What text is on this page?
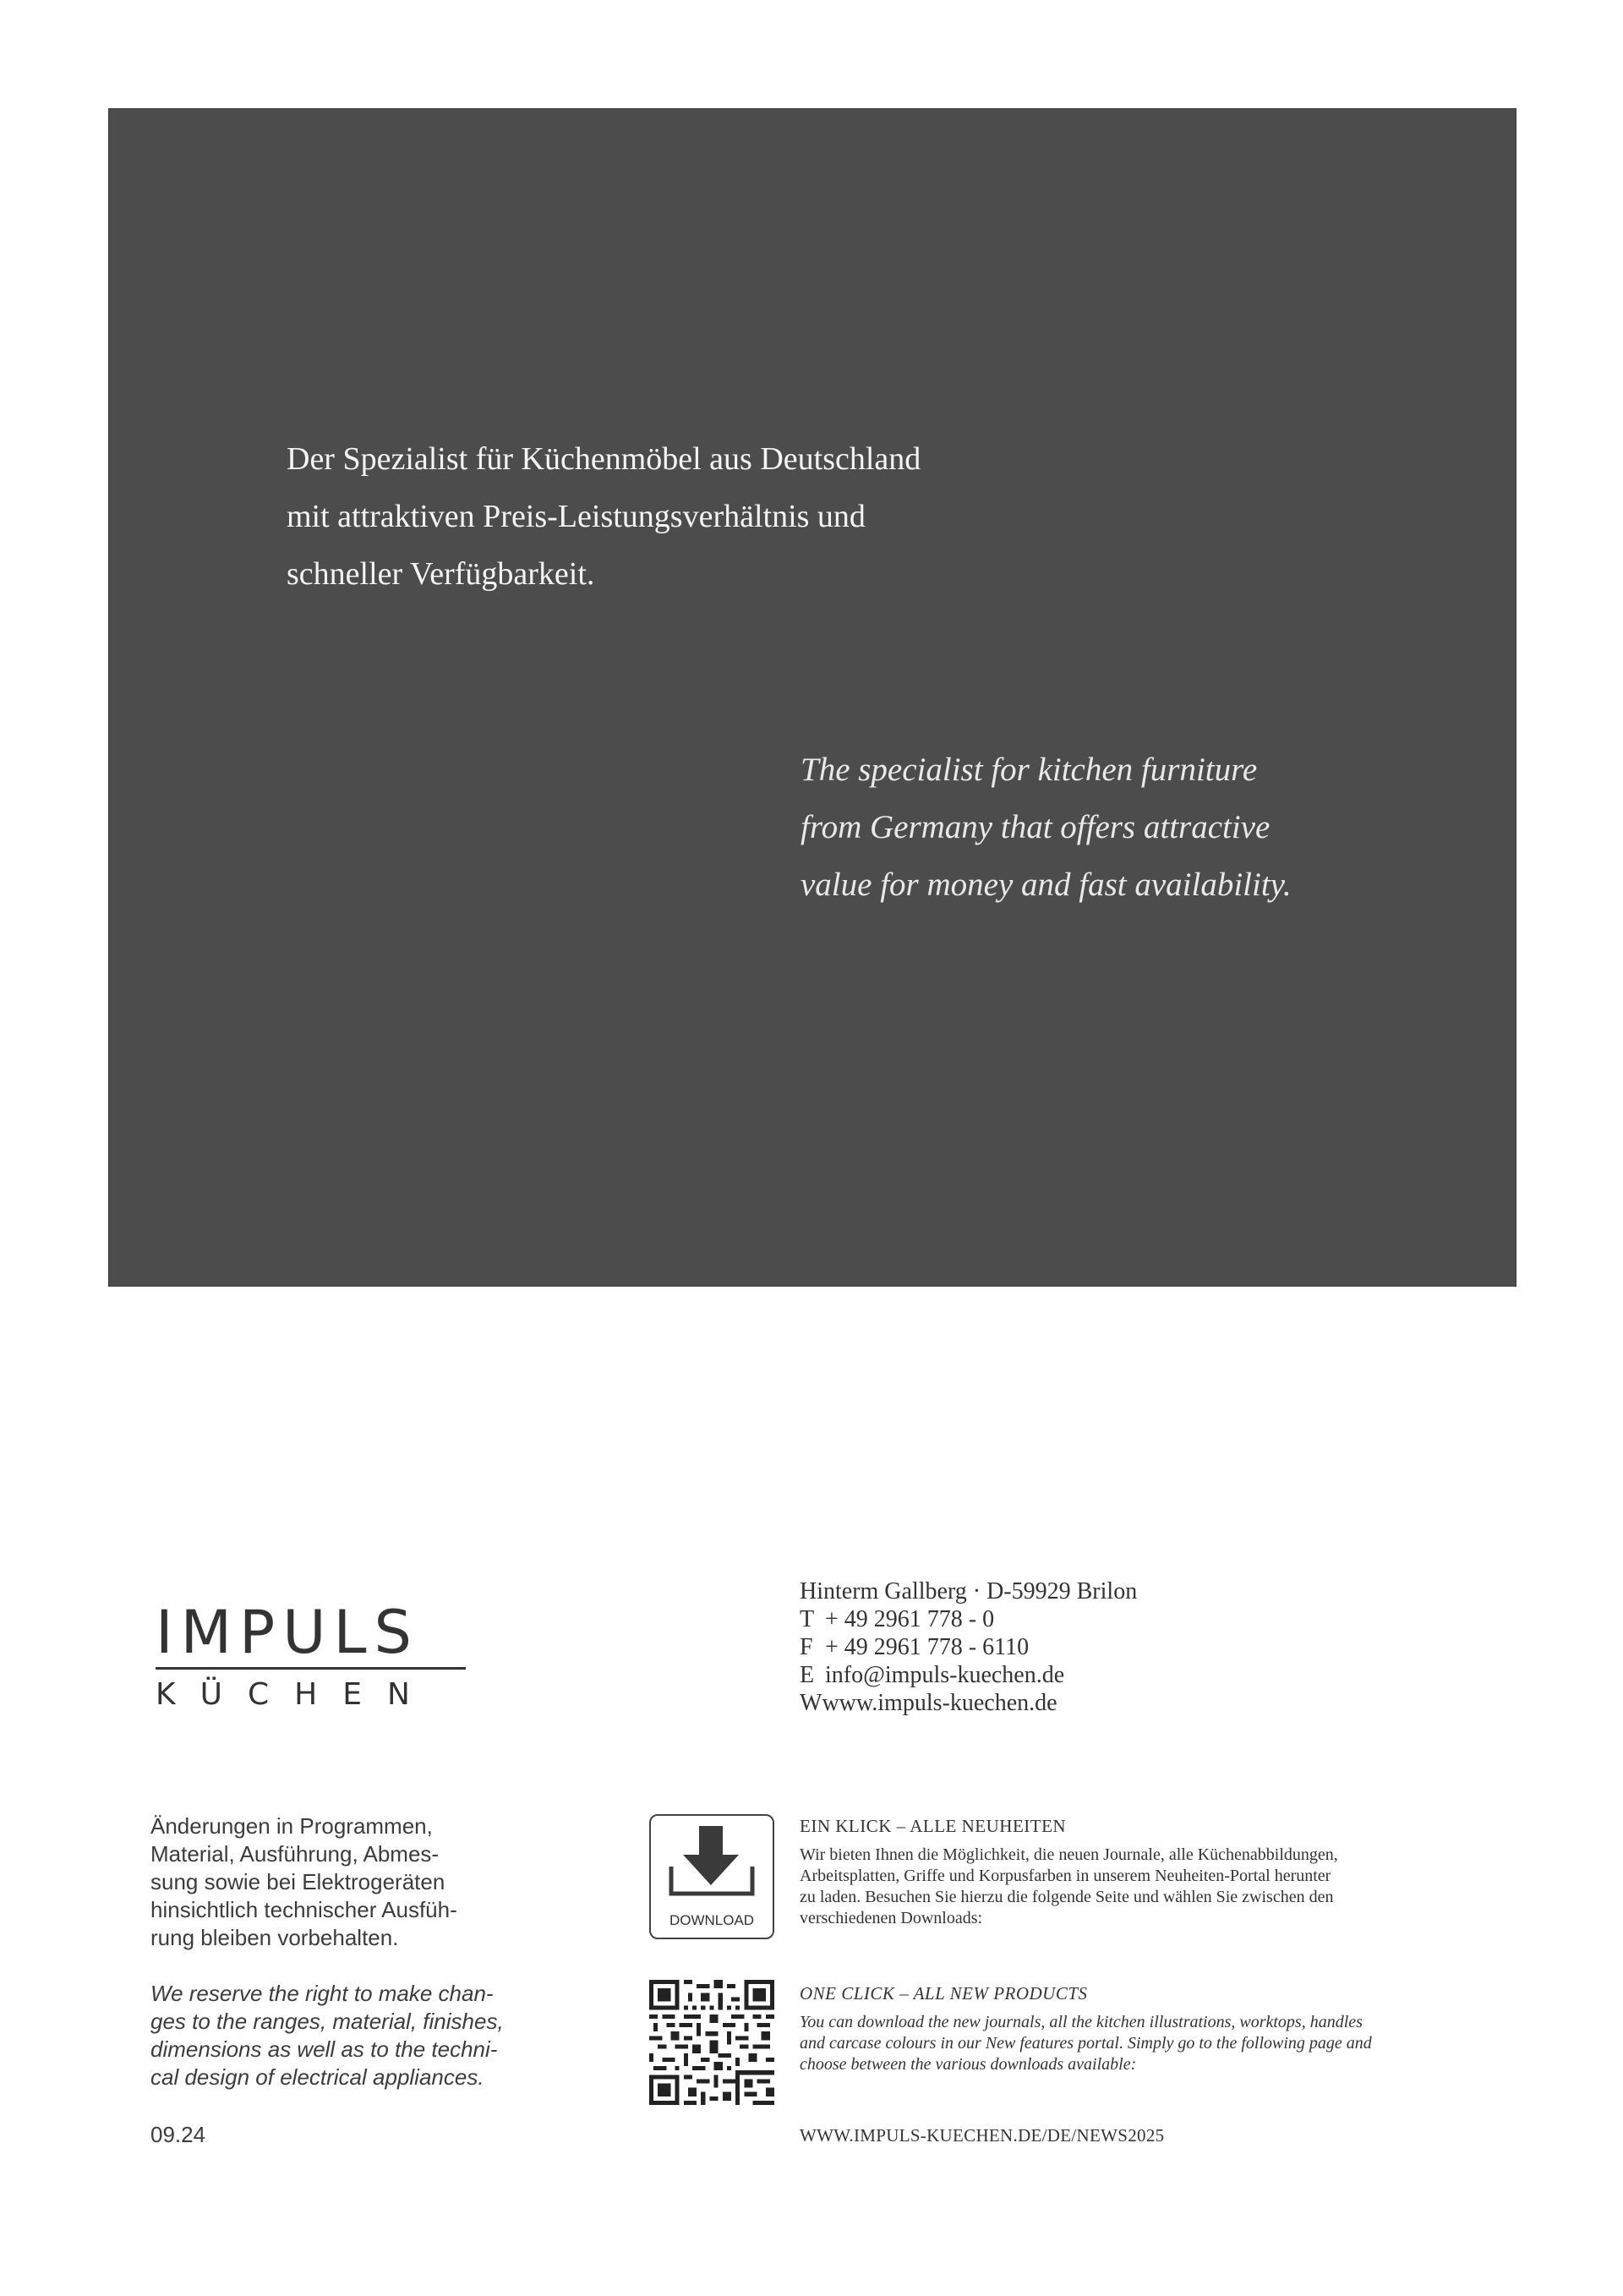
Der Spezialist für Küchenmöbel aus Deutschland
mit attraktiven Preis-Leistungsverhältnis und
schneller Verfügbarkeit.
The specialist for kitchen furniture
from Germany that offers attractive
value for money and fast availability.
IMPULS
KÜCHEN
Hinterm Gallberg · D-59929 Brilon
T + 49 2961 778 - 0
F + 49 2961 778 - 6110
E info@impuls-kuechen.de
Wwww.impuls-kuechen.de
Änderungen in Programmen,
Material, Ausführung, Abmes-
sung sowie bei Elektrogeräten
hinsichtlich technischer Ausfüh-
rung bleiben vorbehalten.
We reserve the right to make chan-
ges to the ranges, material, finishes,
dimensions as well as to the techni-
cal design of electrical appliances.
09.24
DOWNLOAD
EIN KLICK – ALLE NEUHEITEN
Wir bieten Ihnen die Möglichkeit, die neuen Journale, alle Küchenabbildungen,
Arbeitsplatten, Griffe und Korpusfarben in unserem Neuheiten-Portal herunter
zu laden. Besuchen Sie hierzu die folgende Seite und wählen Sie zwischen den
verschiedenen Downloads:
ONE CLICK – ALL NEW PRODUCTS
You can download the new journals, all the kitchen illustrations, worktops, handles
and carcase colours in our New features portal. Simply go to the following page and
choose between the various downloads available:
WWW.IMPULS-KUECHEN.DE/DE/NEWS2025
